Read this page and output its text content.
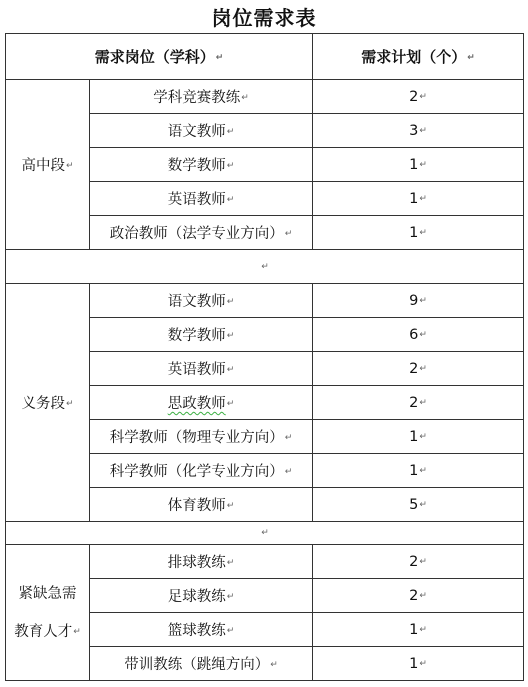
岗位需求表
需求岗位（学科）↵		需求计划（个）↵
高中段↵	学科竞赛教练↵	2↵
	语文教师↵	3↵
	数学教师↵	1↵
	英语教师↵	1↵
	政治教师（法学专业方向）↵	1↵
↵		
义务段↵	语文教师↵	9↵
	数学教师↵	6↵
	英语教师↵	2↵
	思政教师↵	2↵
	科学教师（物理专业方向）↵	1↵
	科学教师（化学专业方向）↵	1↵
	体育教师↵	5↵
↵		

紧缺急需
教育人才↵	排球教练↵	2↵
	足球教练↵	2↵
	篮球教练↵	1↵
	带训教练（跳绳方向）↵	1↵
